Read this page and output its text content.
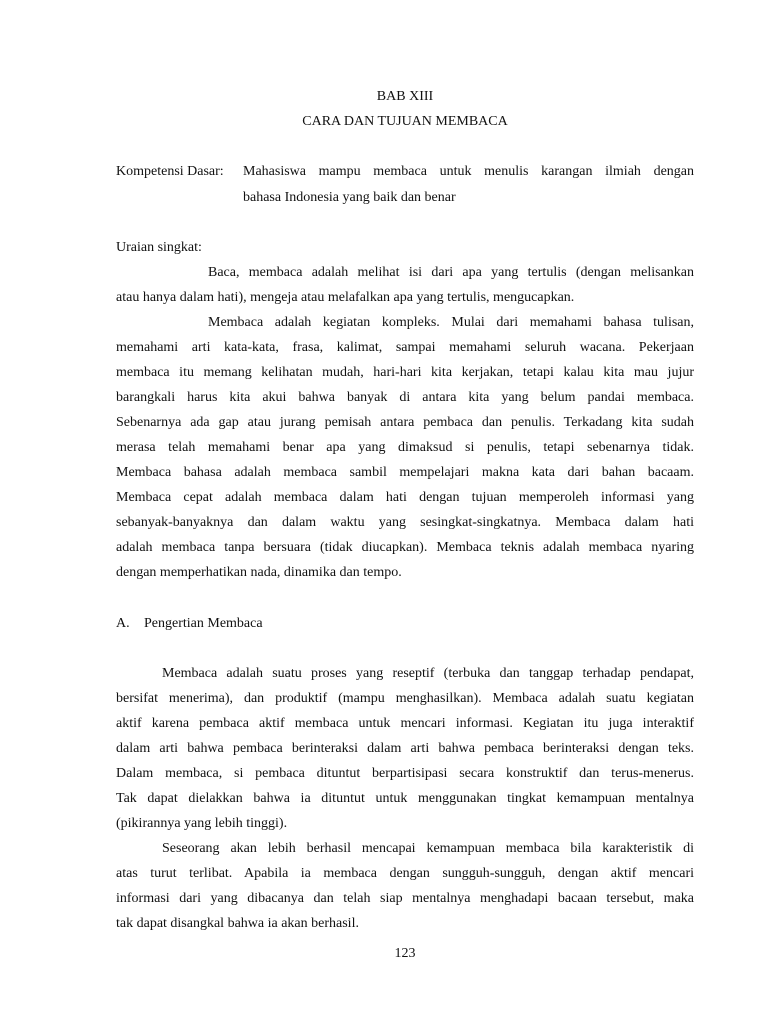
BAB XIII
CARA DAN TUJUAN MEMBACA
Kompetensi Dasar: Mahasiswa mampu membaca untuk menulis karangan ilmiah dengan
bahasa Indonesia yang baik dan benar
Uraian singkat:
Baca, membaca adalah melihat isi dari apa yang tertulis (dengan melisankan
atau hanya dalam hati), mengeja atau melafalkan apa yang tertulis, mengucapkan.
Membaca adalah kegiatan kompleks. Mulai dari memahami bahasa tulisan,
memahami arti kata-kata, frasa, kalimat, sampai memahami seluruh wacana. Pekerjaan
membaca itu memang kelihatan mudah, hari-hari kita kerjakan, tetapi kalau kita mau jujur
barangkali harus kita akui bahwa banyak di antara kita yang belum pandai membaca.
Sebenarnya ada gap atau jurang pemisah antara pembaca dan penulis. Terkadang kita sudah
merasa telah memahami benar apa yang dimaksud si penulis, tetapi sebenarnya tidak.
Membaca bahasa adalah membaca sambil mempelajari makna kata dari bahan bacaam.
Membaca cepat adalah membaca dalam hati dengan tujuan memperoleh informasi yang
sebanyak-banyaknya dan dalam waktu yang sesingkat-singkatnya. Membaca dalam hati
adalah membaca tanpa bersuara (tidak diucapkan). Membaca teknis adalah membaca nyaring
dengan memperhatikan nada, dinamika dan tempo.
A. Pengertian Membaca
Membaca adalah suatu proses yang reseptif (terbuka dan tanggap terhadap pendapat,
bersifat menerima), dan produktif (mampu menghasilkan). Membaca adalah suatu kegiatan
aktif karena pembaca aktif membaca untuk mencari informasi. Kegiatan itu juga interaktif
dalam arti bahwa pembaca berinteraksi dalam arti bahwa pembaca berinteraksi dengan teks.
Dalam membaca, si pembaca dituntut berpartisipasi secara konstruktif dan terus-menerus.
Tak dapat dielakkan bahwa ia dituntut untuk menggunakan tingkat kemampuan mentalnya
(pikirannya yang lebih tinggi).
Seseorang akan lebih berhasil mencapai kemampuan membaca bila karakteristik di
atas turut terlibat. Apabila ia membaca dengan sungguh-sungguh, dengan aktif mencari
informasi dari yang dibacanya dan telah siap mentalnya menghadapi bacaan tersebut, maka
tak dapat disangkal bahwa ia akan berhasil.
123
